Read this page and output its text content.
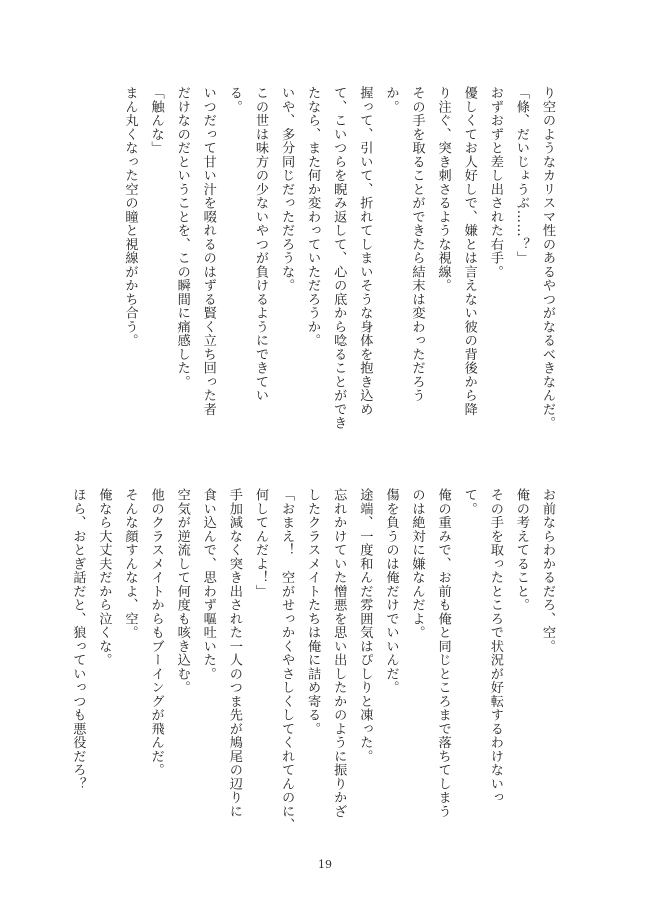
り空のようなカリスマ性のあるやつがなるべきなんだ。
「條、だいじょうぶ……？」
おずおずと差し出された右手。
優しくてお人好しで、嫌とは言えない彼の背後から降
り注ぐ、突き刺さるような視線。
その手を取ることができたら結末は変わっただろう
か。
握って、引いて、折れてしまいそうな身体を抱き込め
て、こいつらを睨み返して、心の底から唸ることができ
たなら、また何か変わっていただろうか。
いや、多分同じだっただろうな。
この世は味方の少ないやつが負けるようにできてい
る。
いつだって甘い汁を啜れるのはずる賢く立ち回った者
だけなのだということを、この瞬間に痛感した。
「触んな」
まん丸くなった空の瞳と視線がかち合う。
お前ならわかるだろ、空。
俺の考えてること。
その手を取ったところで状況が好転するわけないっ
て。
俺の重みで、お前も俺と同じところまで落ちてしまう
のは絶対に嫌なんだよ。
傷を負うのは俺だけでいいんだ。
途端、一度和んだ雰囲気はぴしりと凍った。
忘れかけていた憎悪を思い出したかのように振りかざ
したクラスメイトたちは俺に詰め寄る。
「おまえ！　空がせっかくやさしくしてくれてんのに、
何してんだよ！」
手加減なく突き出された一人のつま先が鳩尾の辺りに
食い込んで、思わず嘔吐いた。
空気が逆流して何度も咳き込む。
他のクラスメイトからもブーイングが飛んだ。
そんな顔すんなよ、空。
俺なら大丈夫だから泣くな。
ほら、おとぎ話だと、狼っていっつも悪役だろ？
19
